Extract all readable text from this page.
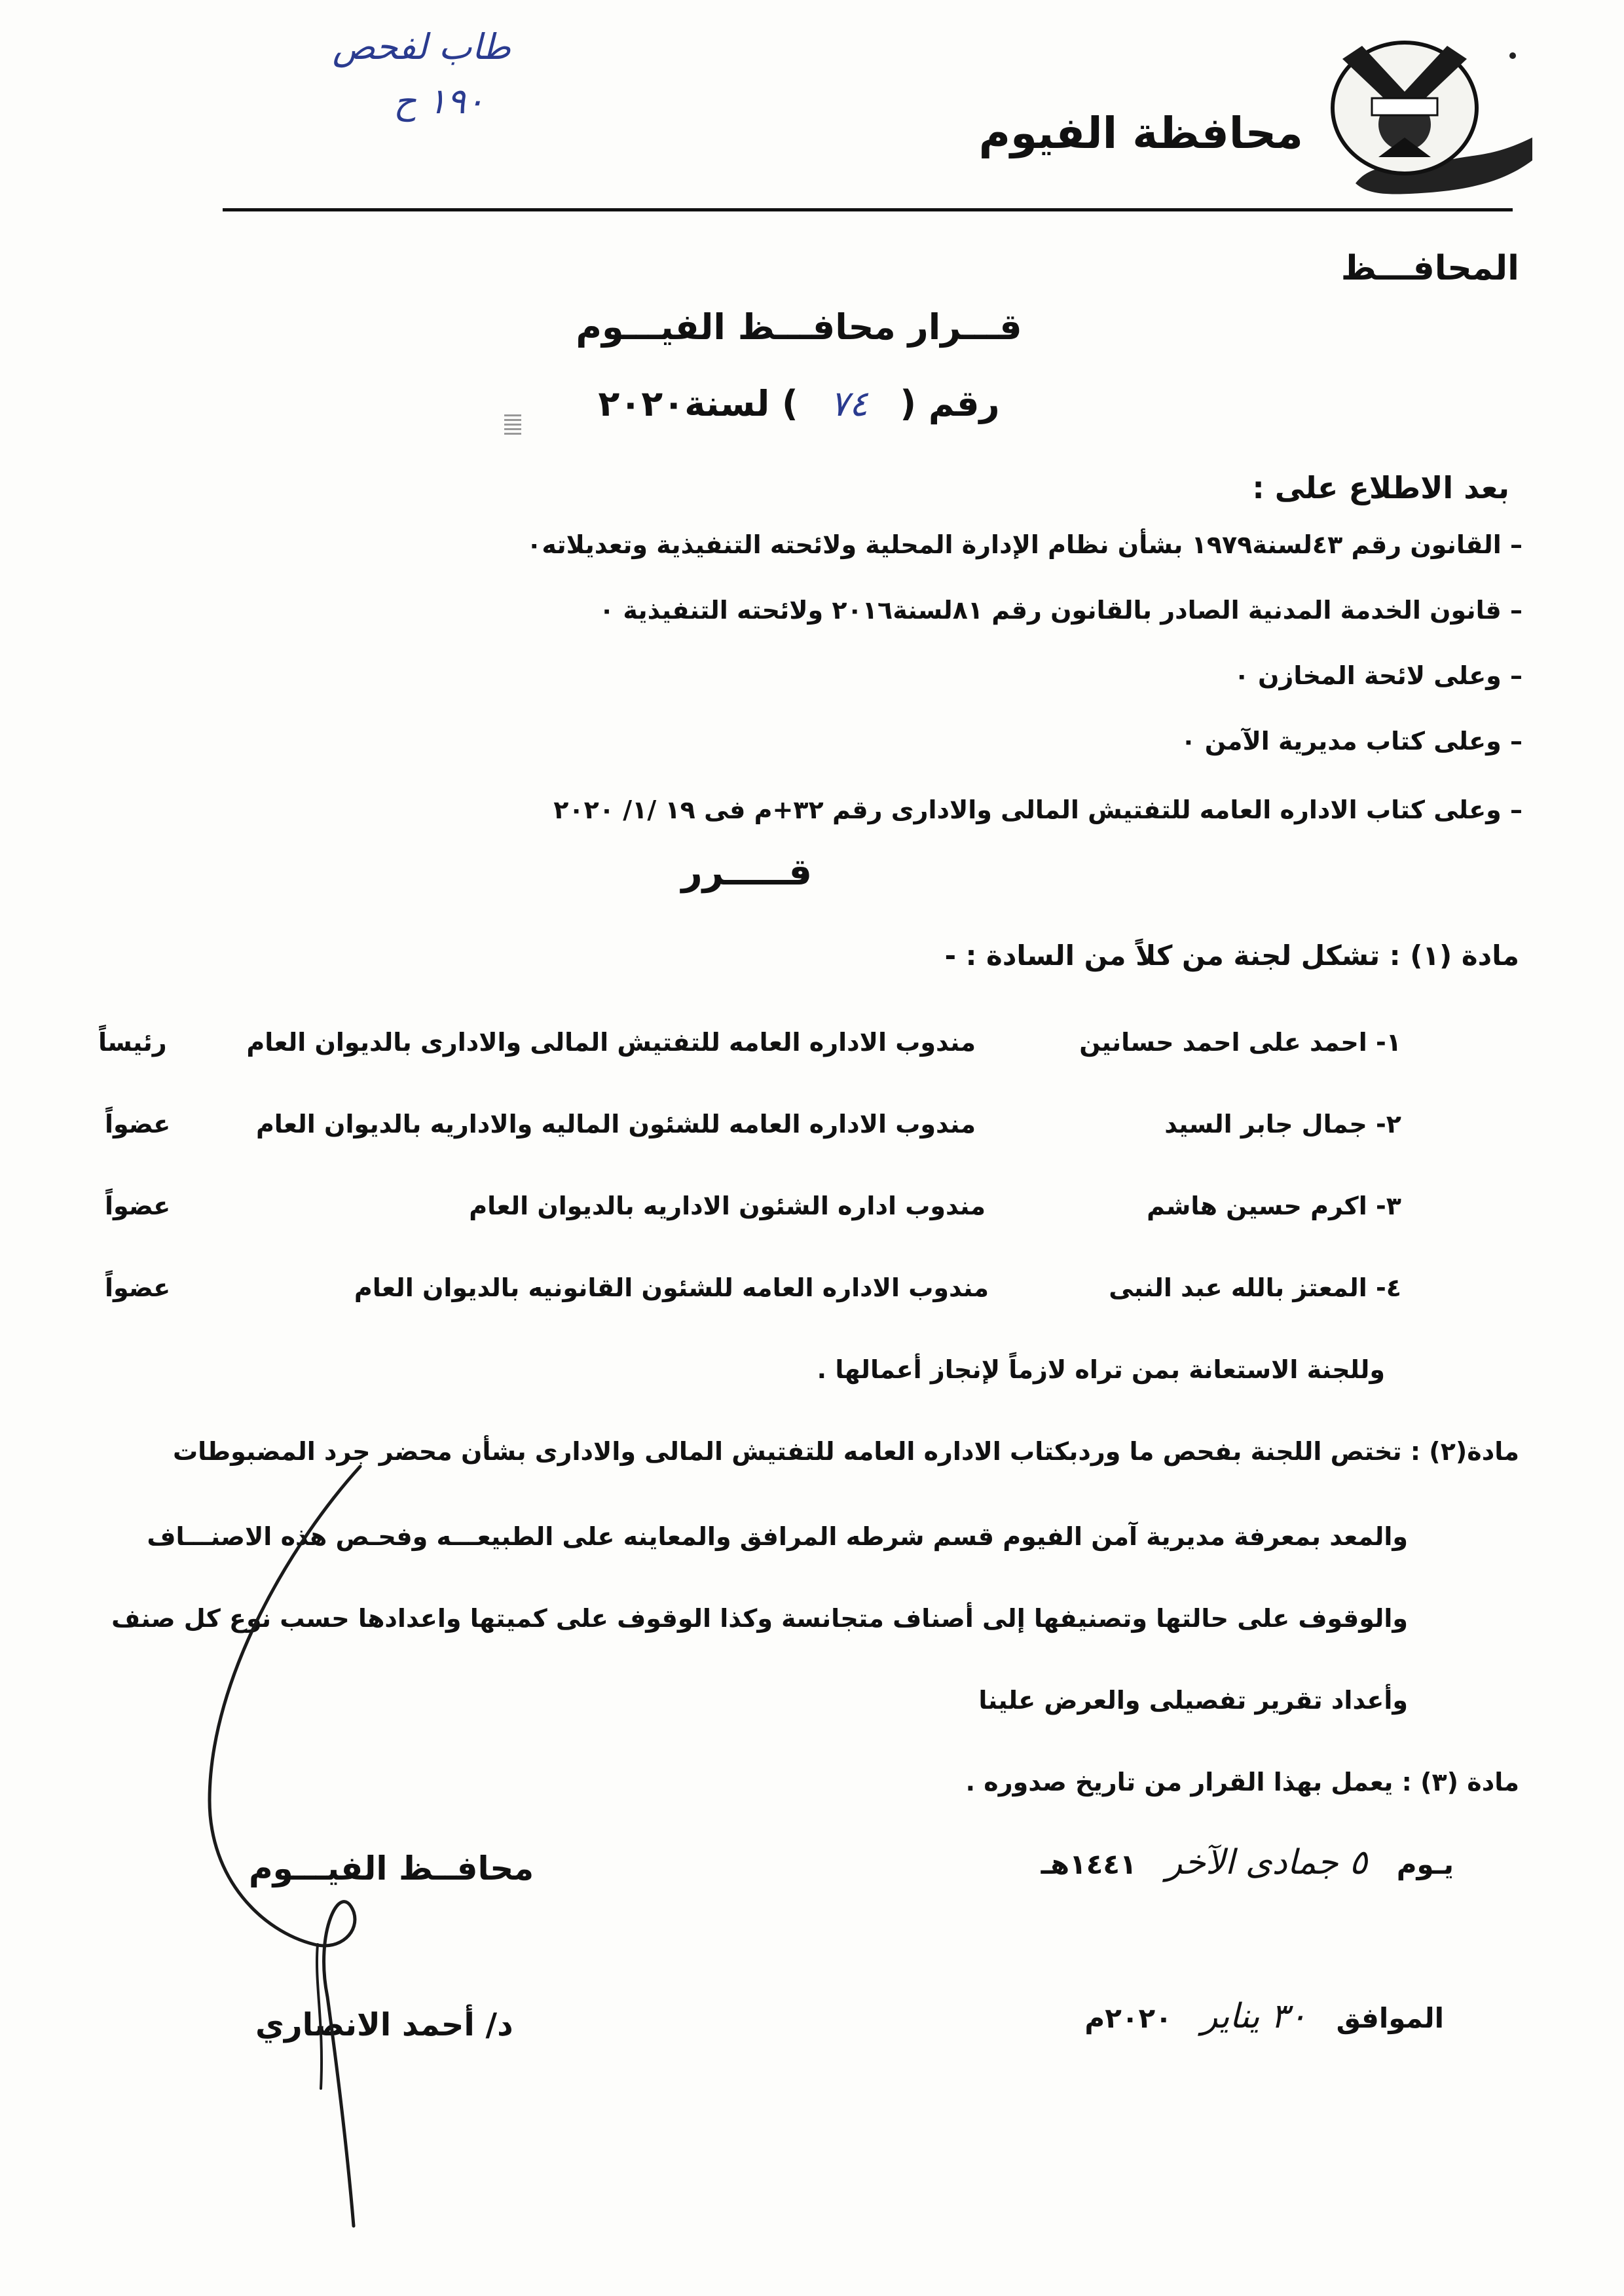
طاب لفحص
١٩٠ ح
محافظة الفيوم
المحافـــظ
قـــرار محافـــظ الفيـــوم
رقم ( ٧٤ ) لسنة٢٠٢٠
بعد الاطلاع على :
– القانون رقم ٤٣لسنة١٩٧٩ بشأن نظام الإدارة المحلية ولائحته التنفيذية وتعديلاته٠
– قانون الخدمة المدنية الصادر بالقانون رقم ٨١لسنة٢٠١٦ ولائحته التنفيذية ٠
– وعلى لائحة المخازن ٠
– وعلى كتاب مديرية الآمن ٠
– وعلى كتاب الاداره العامه للتفتيش المالى والادارى رقم ٣٢+م فى ١٩ /١/ ٢٠٢٠
قـــــرر
مادة (١) : تشكل لجنة من كلاً من السادة : -
١- احمد على احمد حسانين
مندوب الاداره العامه للتفتيش المالى والادارى بالديوان العام
رئيساً
٢- جمال جابر السيد
مندوب الاداره العامه للشئون الماليه والاداريه بالديوان العام
عضواً
٣- اكرم حسين هاشم
مندوب اداره الشئون الاداريه بالديوان العام
عضواً
٤- المعتز بالله عبد النبى
مندوب الاداره العامه للشئون القانونيه بالديوان العام
عضواً
وللجنة الاستعانة بمن تراه لازماً لإنجاز أعمالها .
مادة(٢) : تختص اللجنة بفحص ما وردبكتاب الاداره العامه للتفتيش المالى والادارى بشأن محضر جرد المضبوطات
والمعد بمعرفة مديرية آمن الفيوم قسم شرطه المرافق والمعاينه على الطبيعـــه وفحـص هذه الاصنـــاف
والوقوف على حالتها وتصنيفها إلى أصناف متجانسة وكذا الوقوف على كميتها واعدادها حسب نوع كل صنف
وأعداد تقرير تفصيلى والعرض علينا
مادة (٣) : يعمل بهذا القرار من تاريخ صدوره .
يـوم ٥ جمادى الآخر ١٤٤١هـ
الموافق ٣٠ يناير ٢٠٢٠م
محافــظ الفيـــوم
د/ أحمد الانصاري
